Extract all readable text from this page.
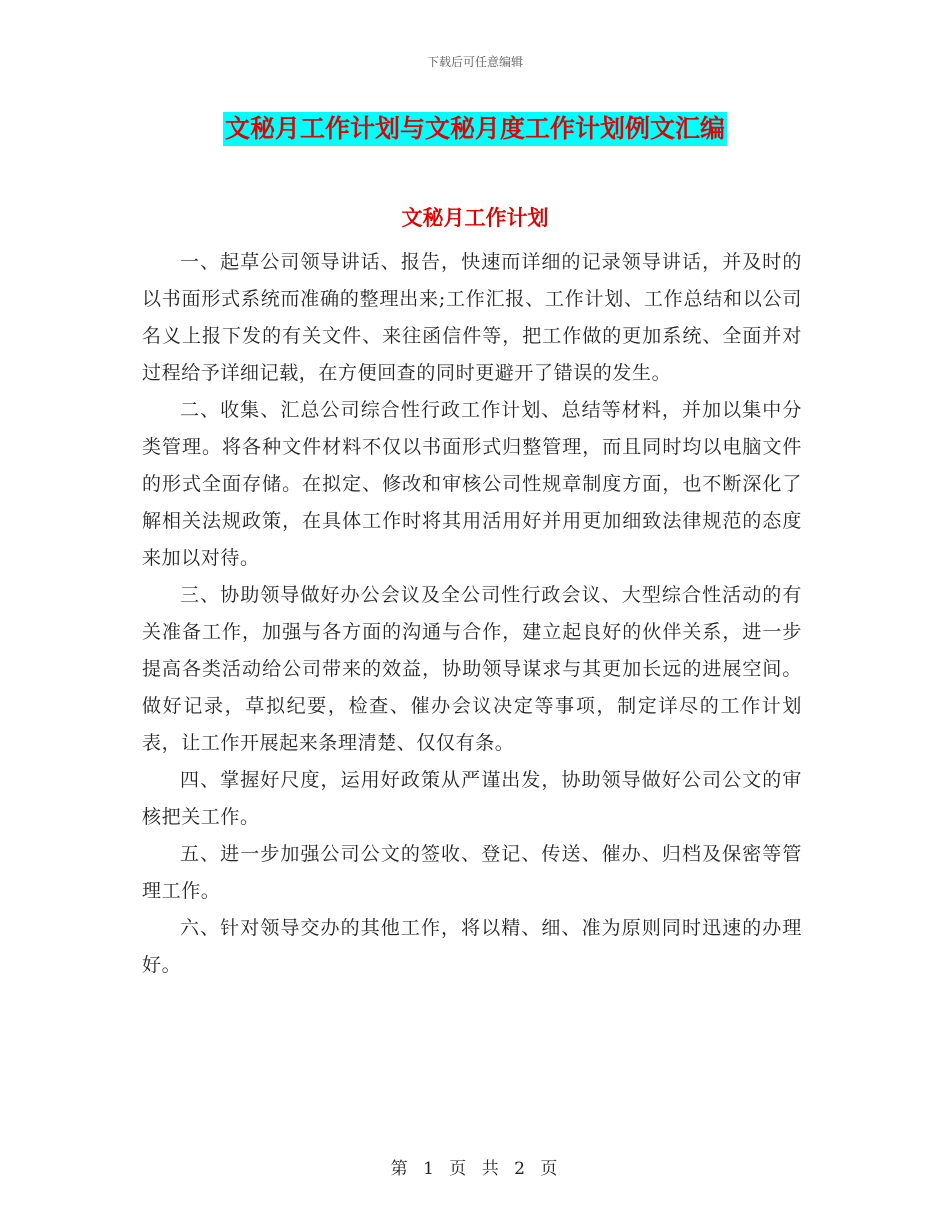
下载后可任意编辑
文秘月工作计划与文秘月度工作计划例文汇编
文秘月工作计划

一、起草公司领导讲话、报告，快速而详细的记录领导讲话，并及时的以书面形式系统而准确的整理出来;工作汇报、工作计划、工作总结和以公司名义上报下发的有关文件、来往函信件等，把工作做的更加系统、全面并对过程给予详细记载，在方便回查的同时更避开了错误的发生。

二、收集、汇总公司综合性行政工作计划、总结等材料，并加以集中分类管理。将各种文件材料不仅以书面形式归整管理，而且同时均以电脑文件的形式全面存储。在拟定、修改和审核公司性规章制度方面，也不断深化了解相关法规政策，在具体工作时将其用活用好并用更加细致法律规范的态度来加以对待。

三、协助领导做好办公会议及全公司性行政会议、大型综合性活动的有关准备工作，加强与各方面的沟通与合作，建立起良好的伙伴关系，进一步提高各类活动给公司带来的效益，协助领导谋求与其更加长远的进展空间。做好记录，草拟纪要，检查、催办会议决定等事项，制定详尽的工作计划表，让工作开展起来条理清楚、仅仅有条。

四、掌握好尺度，运用好政策从严谨出发，协助领导做好公司公文的审核把关工作。

五、进一步加强公司公文的签收、登记、传送、催办、归档及保密等管理工作。

六、针对领导交办的其他工作，将以精、细、准为原则同时迅速的办理好。

第 1 页 共 2 页
